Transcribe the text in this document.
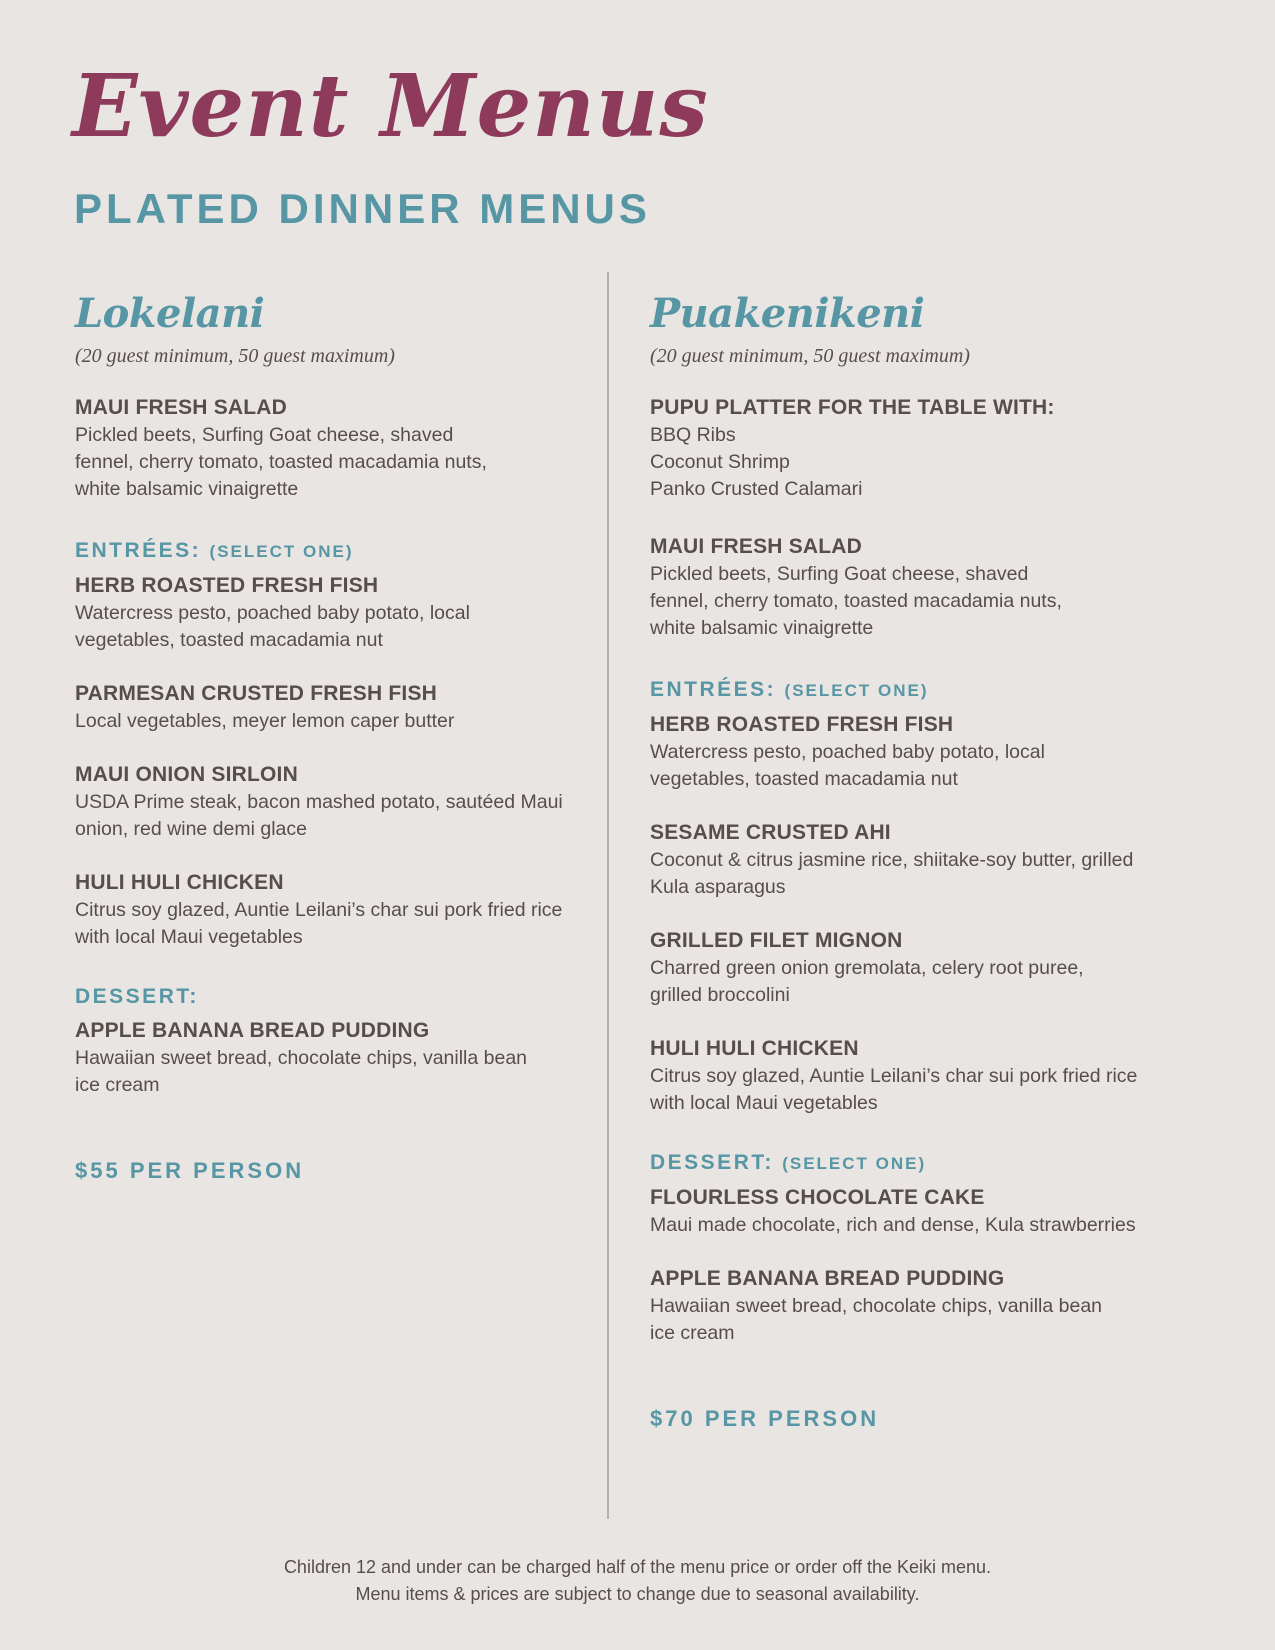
Event Menus
PLATED DINNER MENUS
Lokelani

(20 guest minimum, 50 guest maximum)

MAUI FRESH SALAD

Pickled beets, Surfing Goat cheese, shaved fennel, cherry tomato, toasted macadamia nuts, white balsamic vinaigrette

ENTRÉES: (SELECT ONE)

HERB ROASTED FRESH FISH

Watercress pesto, poached baby potato, local vegetables, toasted macadamia nut

PARMESAN CRUSTED FRESH FISH

Local vegetables, meyer lemon caper butter

MAUI ONION SIRLOIN

USDA Prime steak, bacon mashed potato, sautéed Maui onion, red wine demi glace

HULI HULI CHICKEN

Citrus soy glazed, Auntie Leilani’s char sui pork fried rice with local Maui vegetables

DESSERT:

APPLE BANANA BREAD PUDDING

Hawaiian sweet bread, chocolate chips, vanilla bean ice cream

$55 PER PERSON

Puakenikeni

(20 guest minimum, 50 guest maximum)

PUPU PLATTER FOR THE TABLE WITH:

BBQ Ribs
Coconut Shrimp
Panko Crusted Calamari

MAUI FRESH SALAD

Pickled beets, Surfing Goat cheese, shaved fennel, cherry tomato, toasted macadamia nuts, white balsamic vinaigrette

ENTRÉES: (SELECT ONE)

HERB ROASTED FRESH FISH

Watercress pesto, poached baby potato, local vegetables, toasted macadamia nut

SESAME CRUSTED AHI

Coconut & citrus jasmine rice, shiitake-soy butter, grilled Kula asparagus

GRILLED FILET MIGNON

Charred green onion gremolata, celery root puree, grilled broccolini

HULI HULI CHICKEN

Citrus soy glazed, Auntie Leilani’s char sui pork fried rice with local Maui vegetables

DESSERT: (SELECT ONE)

FLOURLESS CHOCOLATE CAKE

Maui made chocolate, rich and dense, Kula strawberries

APPLE BANANA BREAD PUDDING

Hawaiian sweet bread, chocolate chips, vanilla bean ice cream

$70 PER PERSON

Children 12 and under can be charged half of the menu price or order off the Keiki menu.

Menu items & prices are subject to change due to seasonal availability.
